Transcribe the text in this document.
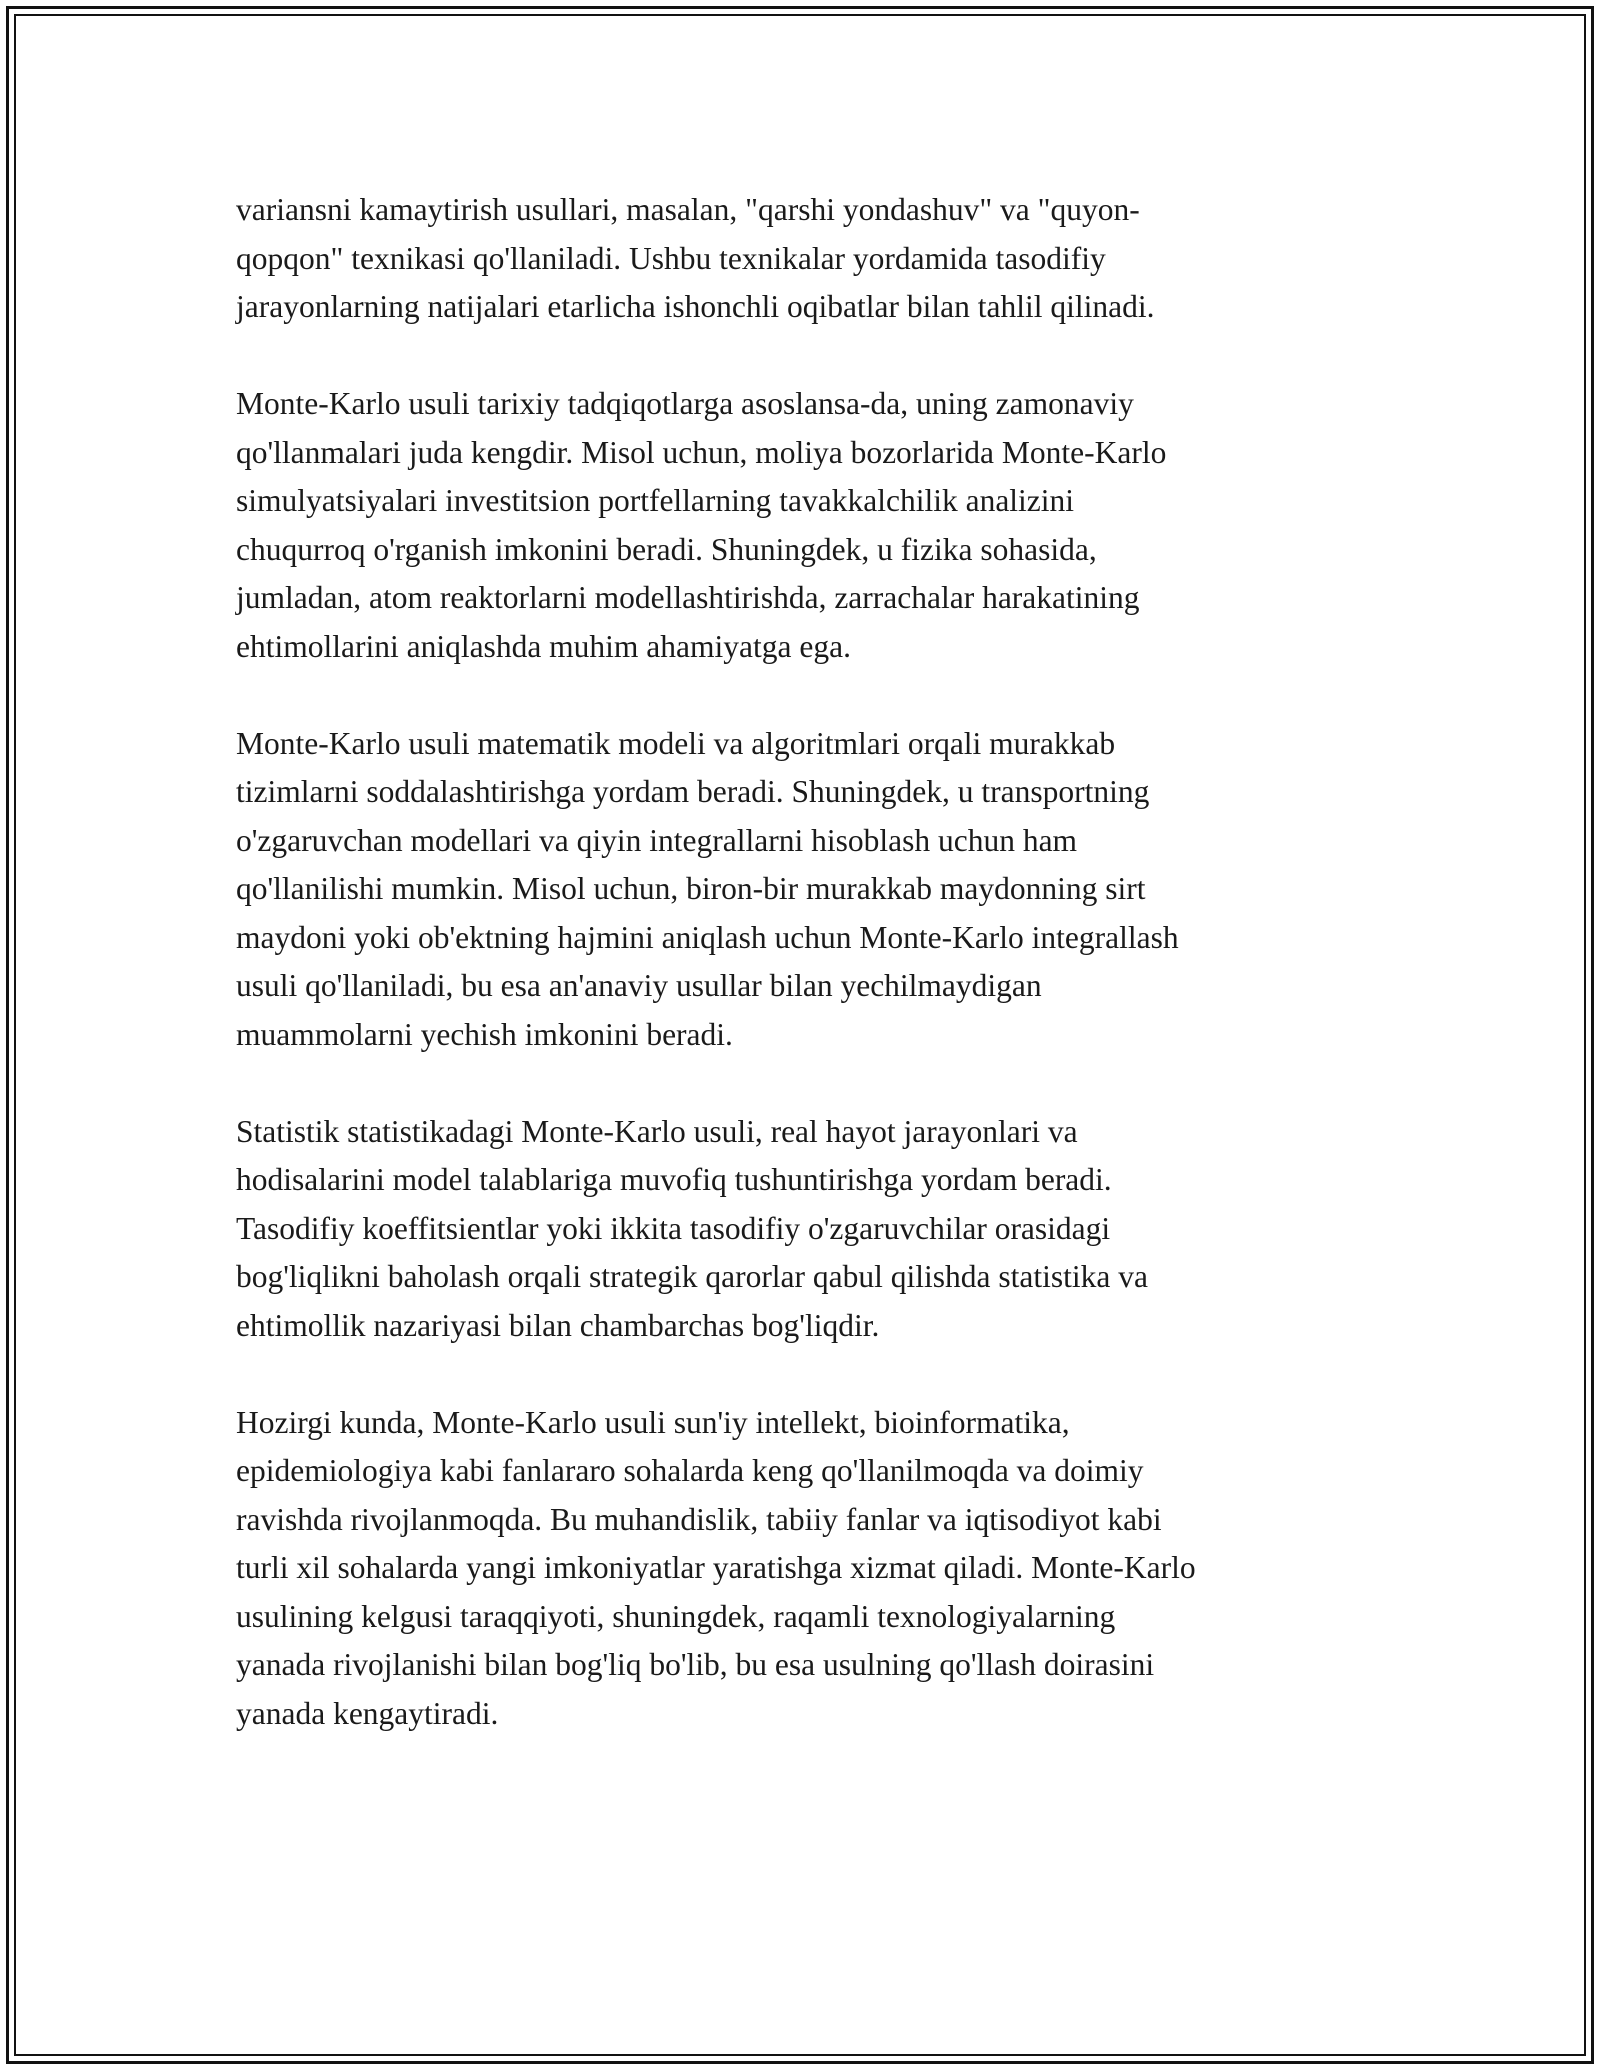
variansni kamaytirish usullari, masalan, "qarshi yondashuv" va "quyon-
qopqon" texnikasi qo'llaniladi. Ushbu texnikalar yordamida tasodifiy
jarayonlarning natijalari etarlicha ishonchli oqibatlar bilan tahlil qilinadi.

Monte-Karlo usuli tarixiy tadqiqotlarga asoslansa-da, uning zamonaviy
qo'llanmalari juda kengdir. Misol uchun, moliya bozorlarida Monte-Karlo
simulyatsiyalari investitsion portfellarning tavakkalchilik analizini
chuqurroq o'rganish imkonini beradi. Shuningdek, u fizika sohasida,
jumladan, atom reaktorlarni modellashtirishda, zarrachalar harakatining
ehtimollarini aniqlashda muhim ahamiyatga ega.

Monte-Karlo usuli matematik modeli va algoritmlari orqali murakkab
tizimlarni soddalashtirishga yordam beradi. Shuningdek, u transportning
o'zgaruvchan modellari va qiyin integrallarni hisoblash uchun ham
qo'llanilishi mumkin. Misol uchun, biron-bir murakkab maydonning sirt
maydoni yoki ob'ektning hajmini aniqlash uchun Monte-Karlo integrallash
usuli qo'llaniladi, bu esa an'anaviy usullar bilan yechilmaydigan
muammolarni yechish imkonini beradi.

Statistik statistikadagi Monte-Karlo usuli, real hayot jarayonlari va
hodisalarini model talablariga muvofiq tushuntirishga yordam beradi.
Tasodifiy koeffitsientlar yoki ikkita tasodifiy o'zgaruvchilar orasidagi
bog'liqlikni baholash orqali strategik qarorlar qabul qilishda statistika va
ehtimollik nazariyasi bilan chambarchas bog'liqdir.

Hozirgi kunda, Monte-Karlo usuli sun'iy intellekt, bioinformatika,
epidemiologiya kabi fanlararo sohalarda keng qo'llanilmoqda va doimiy
ravishda rivojlanmoqda. Bu muhandislik, tabiiy fanlar va iqtisodiyot kabi
turli xil sohalarda yangi imkoniyatlar yaratishga xizmat qiladi. Monte-Karlo
usulining kelgusi taraqqiyoti, shuningdek, raqamli texnologiyalarning
yanada rivojlanishi bilan bog'liq bo'lib, bu esa usulning qo'llash doirasini
yanada kengaytiradi.
